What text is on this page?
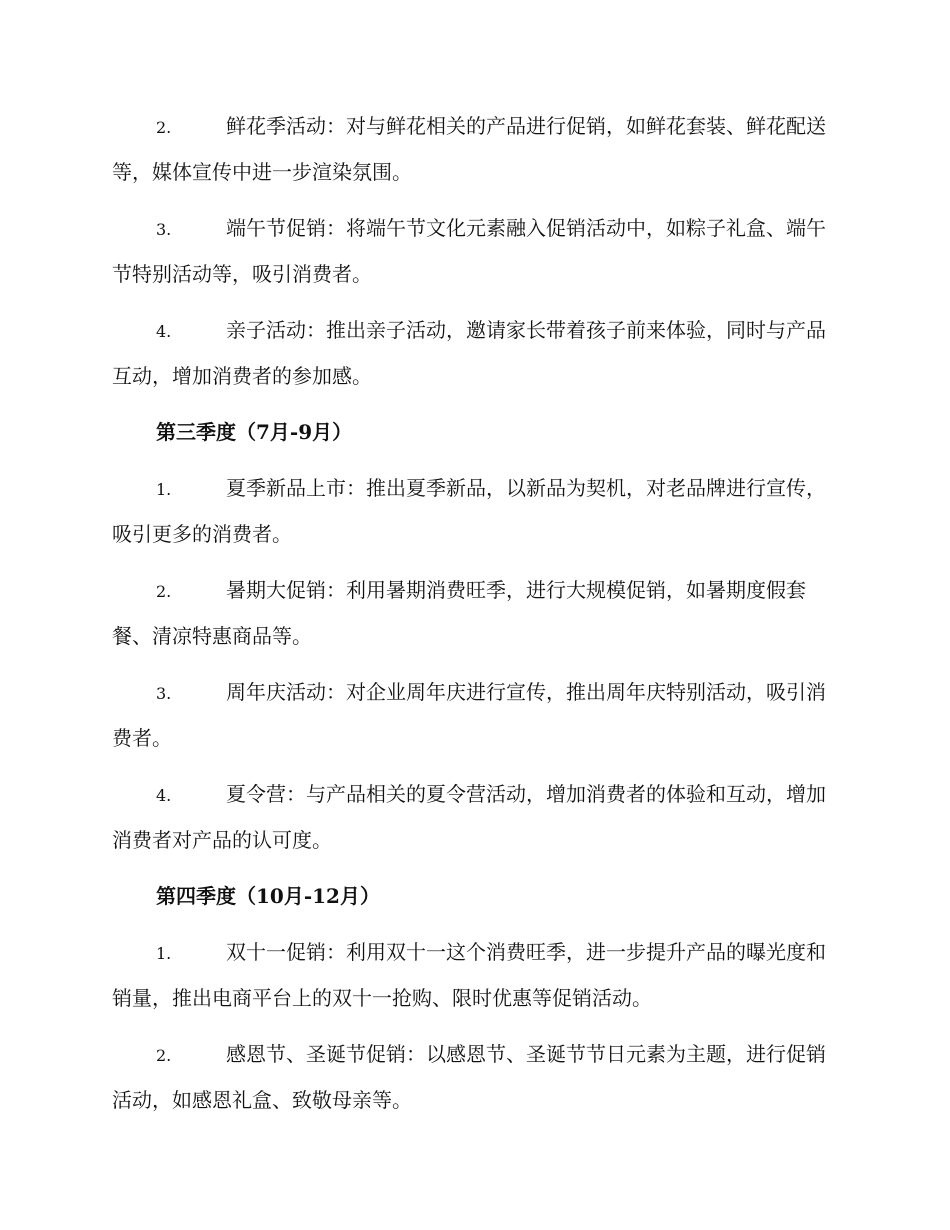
2.	鲜花季活动：对与鲜花相关的产品进行促销，如鲜花套装、鲜花配送等，媒体宣传中进一步渲染氛围。

3.	端午节促销：将端午节文化元素融入促销活动中，如粽子礼盒、端午节特别活动等，吸引消费者。

4.	亲子活动：推出亲子活动，邀请家长带着孩子前来体验，同时与产品互动，增加消费者的参加感。

第三季度（7月-9月）

1.	夏季新品上市：推出夏季新品，以新品为契机，对老品牌进行宣传，吸引更多的消费者。

2.	暑期大促销：利用暑期消费旺季，进行大规模促销，如暑期度假套餐、清凉特惠商品等。

3.	周年庆活动：对企业周年庆进行宣传，推出周年庆特别活动，吸引消费者。

4.	夏令营：与产品相关的夏令营活动，增加消费者的体验和互动，增加消费者对产品的认可度。

第四季度（10月-12月）

1.	双十一促销：利用双十一这个消费旺季，进一步提升产品的曝光度和销量，推出电商平台上的双十一抢购、限时优惠等促销活动。

2.	感恩节、圣诞节促销：以感恩节、圣诞节节日元素为主题，进行促销活动，如感恩礼盒、致敬母亲等。
